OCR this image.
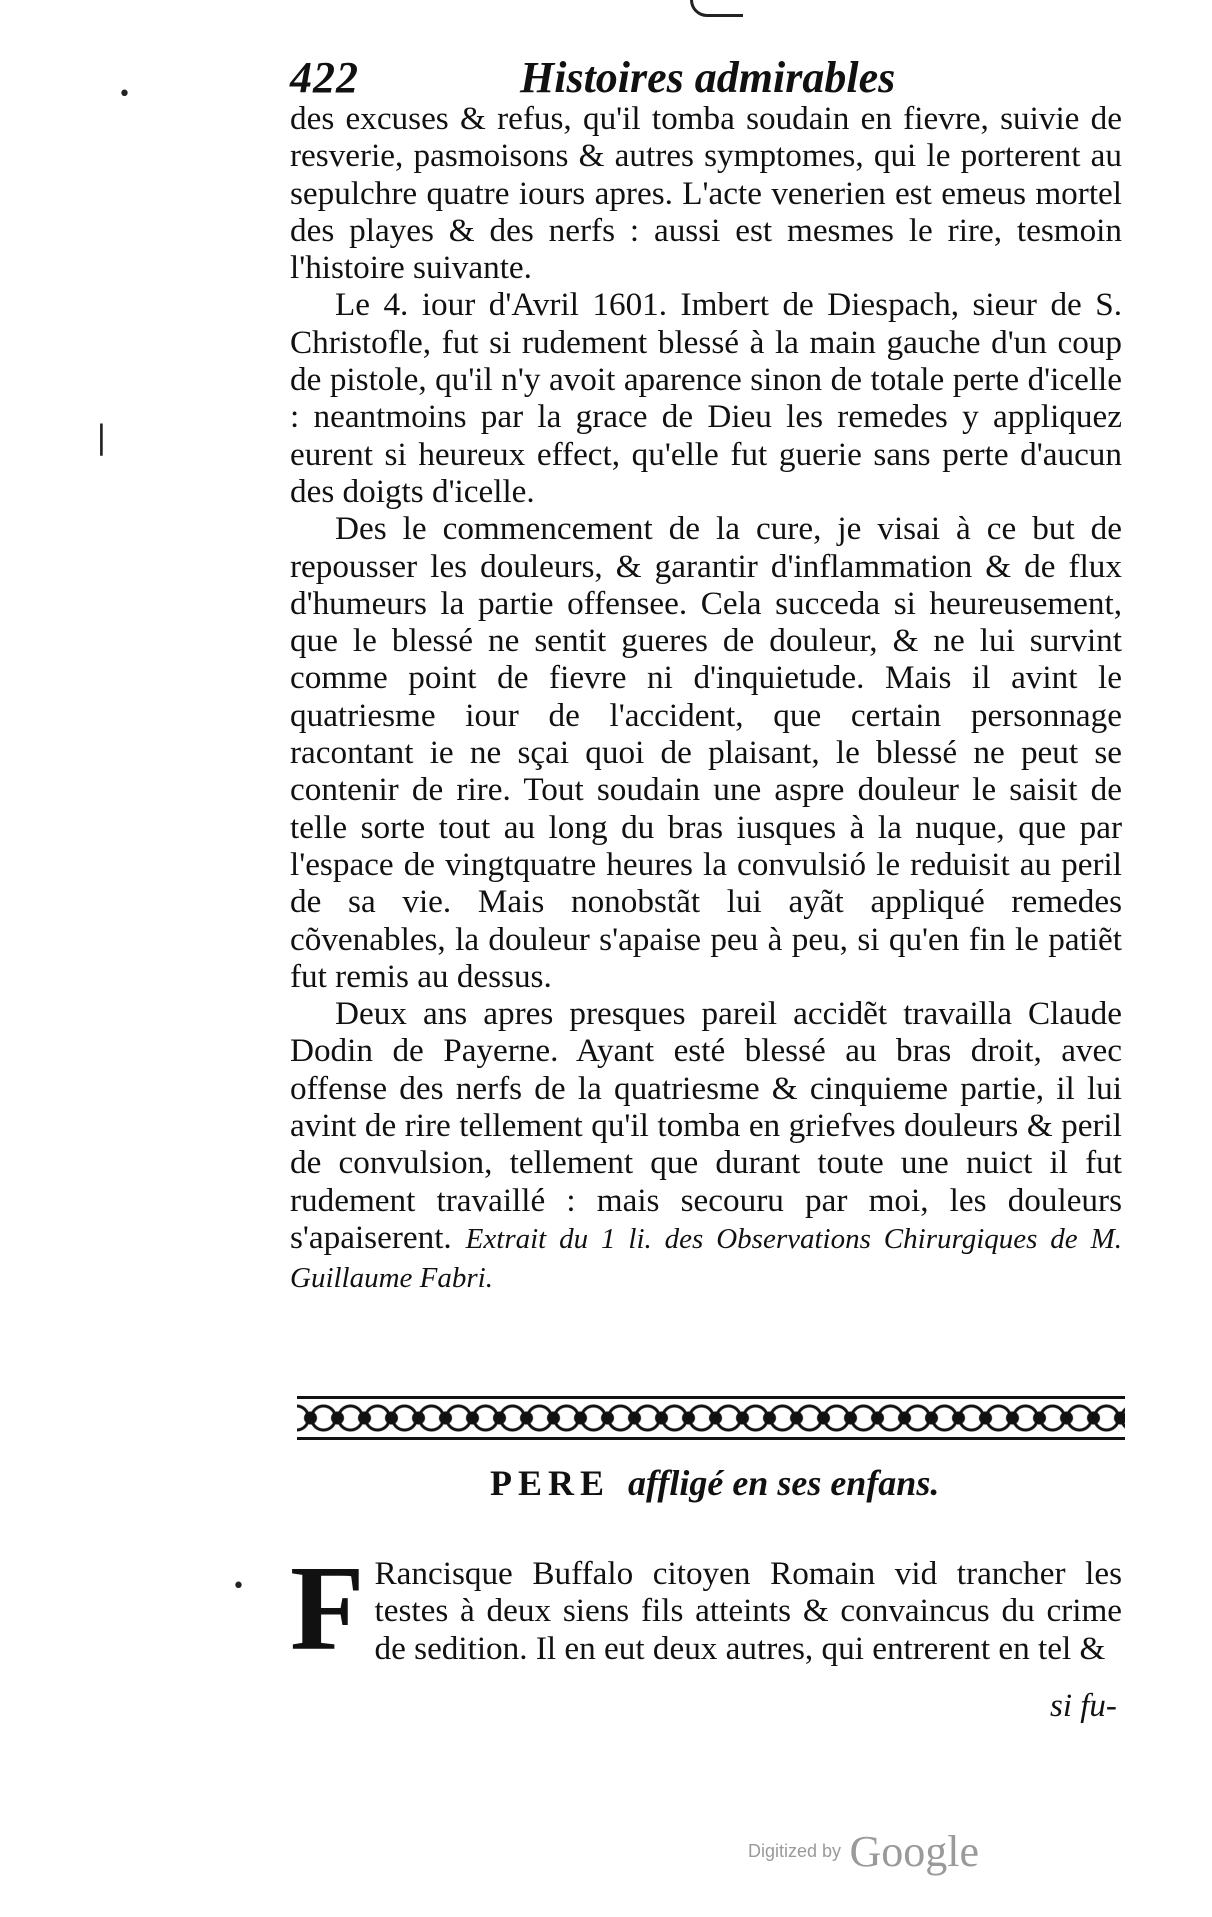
422	Histoires admirables
•
|
•

des excuses & refus, qu'il tomba soudain en fievre, suivie de resverie, pasmoisons & autres symptomes, qui le porterent au sepulchre quatre iours apres. L'acte venerien est emeus mortel des playes & des nerfs : aussi est mesmes le rire, tesmoin l'histoire suivante.

Le 4. iour d'Avril 1601. Imbert de Diespach, sieur de S. Christofle, fut si rudement blessé à la main gauche d'un coup de pistole, qu'il n'y avoit aparence sinon de totale perte d'icelle : neantmoins par la grace de Dieu les remedes y appliquez eurent si heureux effect, qu'elle fut guerie sans perte d'aucun des doigts d'icelle.

Des le commencement de la cure, je visai à ce but de repousser les douleurs, & garantir d'inflammation & de flux d'humeurs la partie offensee. Cela succeda si heureusement, que le blessé ne sentit gueres de douleur, & ne lui survint comme point de fievre ni d'inquietude. Mais il avint le quatriesme iour de l'accident, que certain personnage racontant ie ne sçai quoi de plaisant, le blessé ne peut se contenir de rire. Tout soudain une aspre douleur le saisit de telle sorte tout au long du bras iusques à la nuque, que par l'espace de vingtquatre heures la convulsió le reduisit au peril de sa vie. Mais nonobstãt lui ayãt appliqué remedes cõvenables, la douleur s'apaise peu à peu, si qu'en fin le patiẽt fut remis au dessus.

Deux ans apres presques pareil accidẽt travailla Claude Dodin de Payerne. Ayant esté blessé au bras droit, avec offense des nerfs de la quatriesme & cinquieme partie, il lui avint de rire tellement qu'il tomba en griefves douleurs & peril de convulsion, tellement que durant toute une nuict il fut rudement travaillé : mais secouru par moi, les douleurs s'apaiserent. Extrait du 1 li. des Observations Chirurgiques de M. Guillaume Fabri.

PERE affligé en ses enfans.
F Rancisque Buffalo citoyen Romain vid trancher les testes à deux siens fils atteints & convaincus du crime de sedition. Il en eut deux autres, qui entrerent en tel &

si fu-
Digitized by Google
